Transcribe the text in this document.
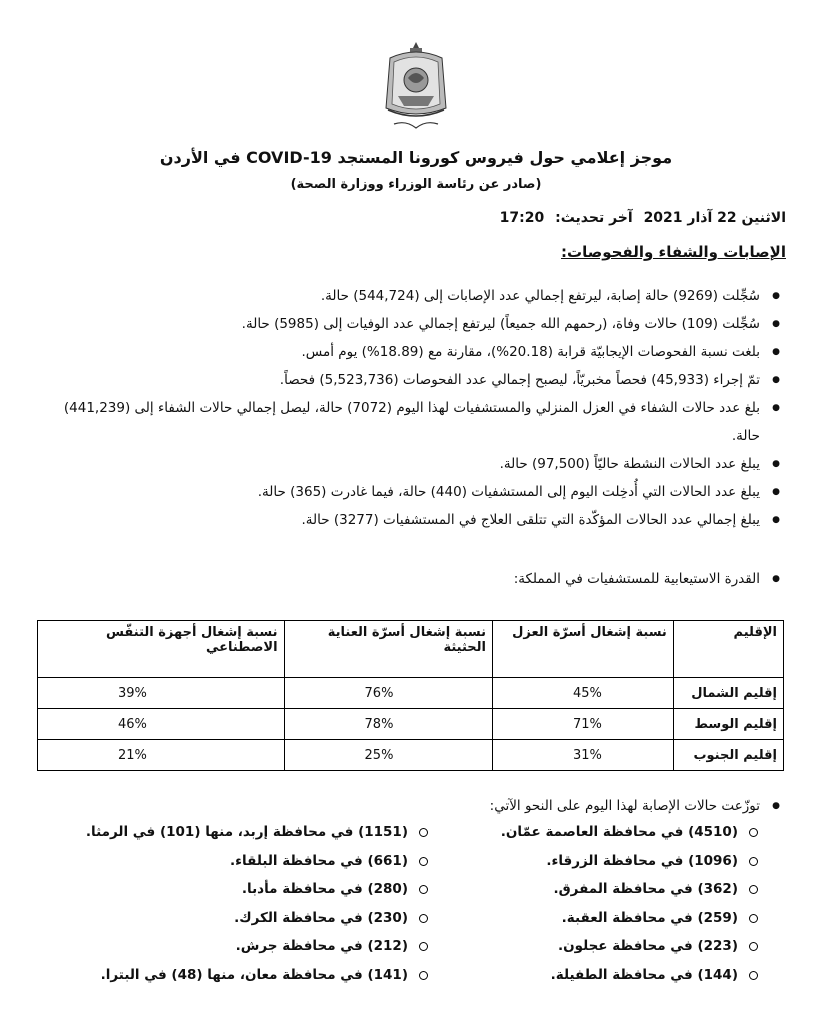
موجز إعلامي حول فيروس كورونا المستجد COVID-19 في الأردن
(صادر عن رئاسة الوزراء ووزارة الصحة)
الاثنين 22 آذار 2021 آخر تحديث: 17:20
الإصابات والشفاء والفحوصات:
● سُجِّلت (9269) حالة إصابة، ليرتفع إجمالي عدد الإصابات إلى (544,724) حالة.
● سُجِّلت (109) حالات وفاة، (رحمهم الله جميعاً) ليرتفع إجمالي عدد الوفيات إلى (5985) حالة.
● بلغت نسبة الفحوصات الإيجابيّة قرابة (20.18%)، مقارنة مع (18.89%) يوم أمس.
● تمّ إجراء (45,933) فحصاً مخبريّاً، ليصبح إجمالي عدد الفحوصات (5,523,736) فحصاً.
● بلغ عدد حالات الشفاء في العزل المنزلي والمستشفيات لهذا اليوم (7072) حالة، ليصل إجمالي حالات الشفاء إلى (441,239) حالة.
● يبلغ عدد الحالات النشطة حاليّاً (97,500) حالة.
● يبلغ عدد الحالات التي أُدخِلت اليوم إلى المستشفيات (440) حالة، فيما غادرت (365) حالة.
● يبلغ إجمالي عدد الحالات المؤكّدة التي تتلقى العلاج في المستشفيات (3277) حالة.
● القدرة الاستيعابية للمستشفيات في المملكة:
الإقليم	نسبة إشغال أسرّة العزل	نسبة إشغال أسرّة العناية الحثيثة	نسبة إشغال أجهزة التنفّس الاصطناعي
إقليم الشمال	45%	76%	39%
إقليم الوسط	71%	78%	46%
إقليم الجنوب	31%	25%	21%
● توزّعت حالات الإصابة لهذا اليوم على النحو الآتي:
(4510) في محافظة العاصمة عمّان.
(1096) في محافظة الزرقاء.
(362) في محافظة المفرق.
(259) في محافظة العقبة.
(223) في محافظة عجلون.
(144) في محافظة الطفيلة.
(1151) في محافظة إربد، منها (101) في الرمثا.
(661) في محافظة البلقاء.
(280) في محافظة مأدبا.
(230) في محافظة الكرك.
(212) في محافظة جرش.
(141) في محافظة معان، منها (48) في البترا.
